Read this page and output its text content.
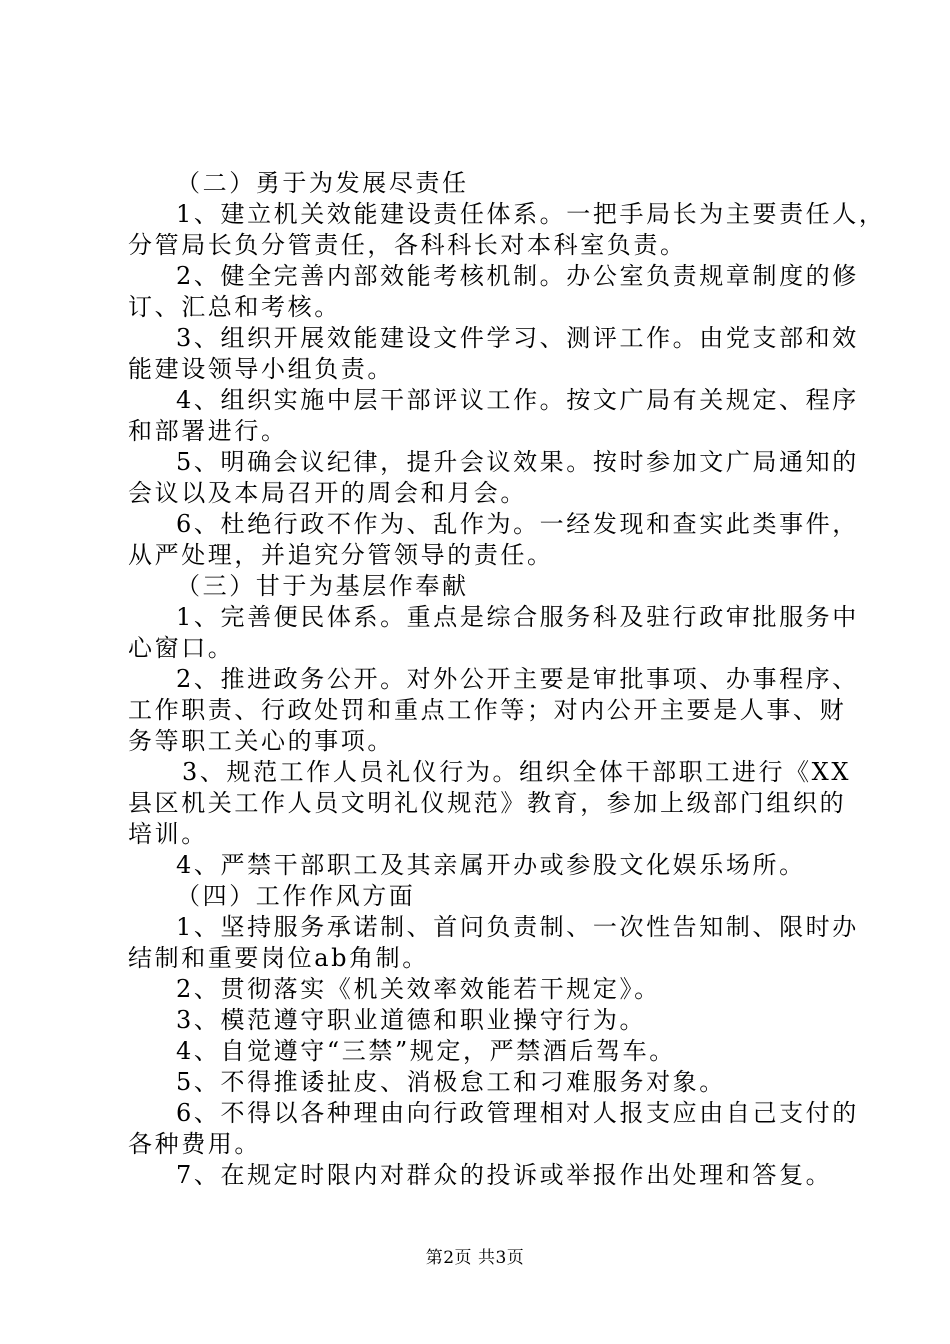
（二）勇于为发展尽责任
1、建立机关效能建设责任体系。一把手局长为主要责任人，
分管局长负分管责任，各科科长对本科室负责。
2、健全完善内部效能考核机制。办公室负责规章制度的修
订、汇总和考核。
3、组织开展效能建设文件学习、测评工作。由党支部和效
能建设领导小组负责。
4、组织实施中层干部评议工作。按文广局有关规定、程序
和部署进行。
5、明确会议纪律，提升会议效果。按时参加文广局通知的
会议以及本局召开的周会和月会。
6、杜绝行政不作为、乱作为。一经发现和查实此类事件，
从严处理，并追究分管领导的责任。
（三）甘于为基层作奉献
1、完善便民体系。重点是综合服务科及驻行政审批服务中
心窗口。
2、推进政务公开。对外公开主要是审批事项、办事程序、
工作职责、行政处罚和重点工作等；对内公开主要是人事、财
务等职工关心的事项。
3、规范工作人员礼仪行为。组织全体干部职工进行《XX
县区机关工作人员文明礼仪规范》教育，参加上级部门组织的
培训。
4、严禁干部职工及其亲属开办或参股文化娱乐场所。
（四）工作作风方面
1、坚持服务承诺制、首问负责制、一次性告知制、限时办
结制和重要岗位ab角制。
2、贯彻落实《机关效率效能若干规定》。
3、模范遵守职业道德和职业操守行为。
4、自觉遵守“三禁”规定，严禁酒后驾车。
5、不得推诿扯皮、消极怠工和刁难服务对象。
6、不得以各种理由向行政管理相对人报支应由自己支付的
各种费用。
7、在规定时限内对群众的投诉或举报作出处理和答复。
第2页 共3页
